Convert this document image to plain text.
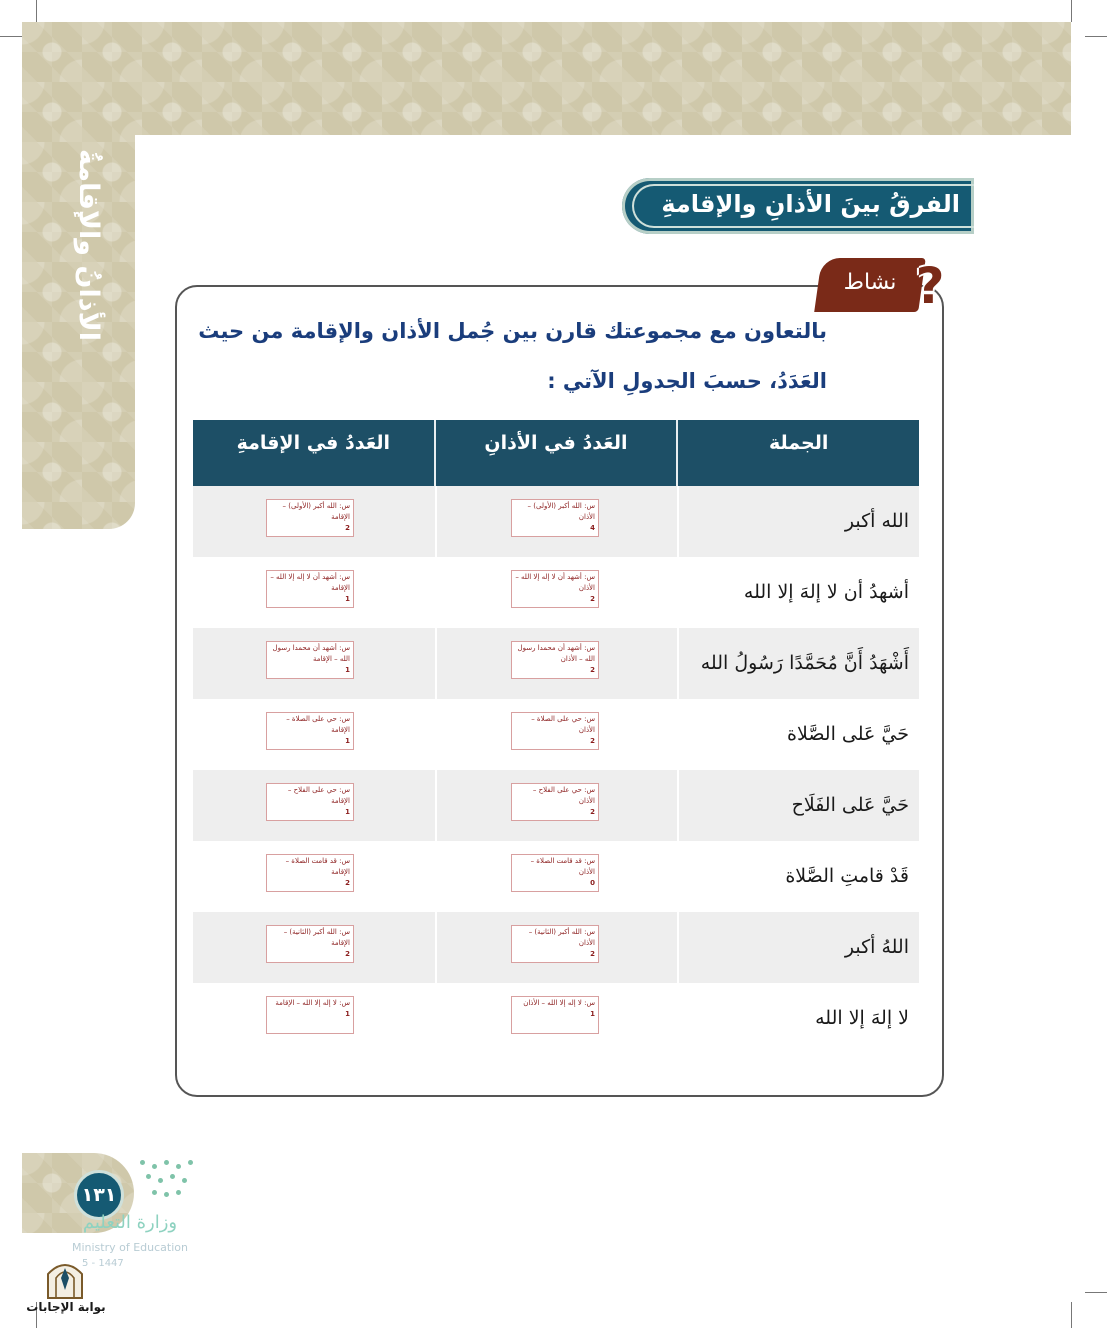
الأذانُ والإقامةُ	الفرقُ بينَ الأذانِ والإقامةِ
نشاط ?
بالتعاون مع مجموعتك قارن بين جُمل الأذان والإقامة من حيث العَدَدُ، حسبَ الجدولِ الآتي :
الجملة
العَددُ في الأذانِ
العَددُ في الإقامةِ
الله أكبر
س: الله أكبر (الأولى) – الأذان
4
س: الله أكبر (الأولى) – الإقامة
2
أشهدُ أن لا إلهَ إلا الله
س: أشهد أن لا إله إلا الله – الأذان
2
س: أشهد أن لا إله إلا الله – الإقامة
1
أَشْهَدُ أَنَّ مُحَمَّدًا رَسُولُ الله
س: أشهد أن محمدا رسول الله – الأذان
2
س: أشهد أن محمدا رسول الله – الإقامة
1
حَيَّ عَلى الصَّلاة
س: حي على الصلاة – الأذان
2
س: حي على الصلاة – الإقامة
1
حَيَّ عَلى الفَلَاح
س: حي على الفلاح – الأذان
2
س: حي على الفلاح – الإقامة
1
قَدْ قامتِ الصَّلاة
س: قد قامت الصلاة – الأذان
0
س: قد قامت الصلاة – الإقامة
2
اللهُ أكبر
س: الله أكبر (الثانية) – الأذان
2
س: الله أكبر (الثانية) – الإقامة
2
لا إلهَ إلا الله
س: لا إله إلا الله – الأذان
1
س: لا إله إلا الله – الإقامة
1
١٣١
وزارة التعليم
Ministry of Education
5 - 1447
بوابة الإجابات
